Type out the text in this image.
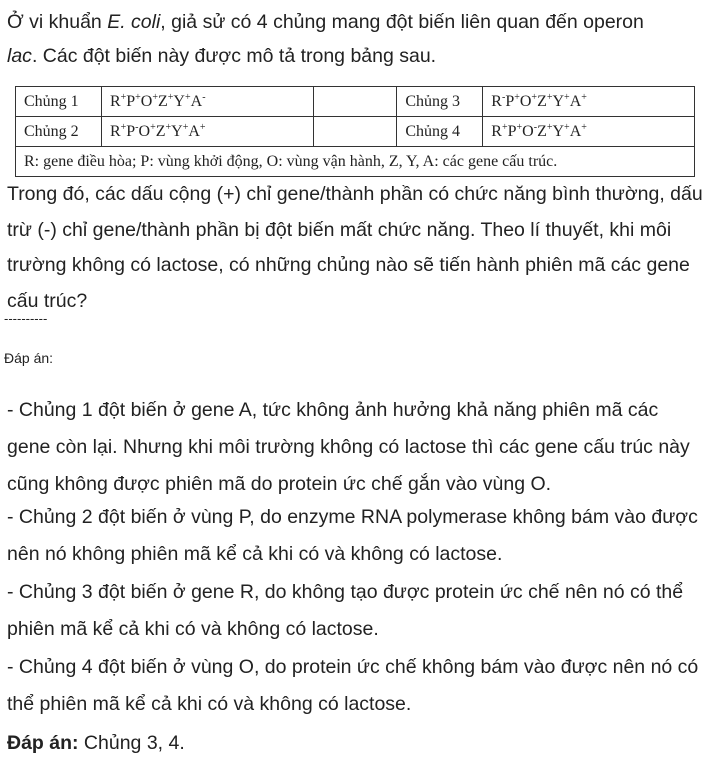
Ở vi khuẩn E. coli, giả sử có 4 chủng mang đột biến liên quan đến operon
lac. Các đột biến này được mô tả trong bảng sau.
Chủng 1	R+P+O+Z+Y+A-		Chủng 3	R-P+O+Z+Y+A+
Chủng 2	R+P-O+Z+Y+A+		Chủng 4	R+P+O-Z+Y+A+
R: gene điều hòa; P: vùng khởi động, O: vùng vận hành, Z, Y, A: các gene cấu trúc.				
Trong đó, các dấu cộng (+) chỉ gene/thành phần có chức năng bình thường, dấu trừ (-) chỉ gene/thành phần bị đột biến mất chức năng. Theo lí thuyết, khi môi trường không có lactose, có những chủng nào sẽ tiến hành phiên mã các gene cấu trúc?
----------
Đáp án:
- Chủng 1 đột biến ở gene A, tức không ảnh hưởng khả năng phiên mã các gene còn lại. Nhưng khi môi trường không có lactose thì các gene cấu trúc này cũng không được phiên mã do protein ức chế gắn vào vùng O.
- Chủng 2 đột biến ở vùng P, do enzyme RNA polymerase không bám vào được nên nó không phiên mã kể cả khi có và không có lactose.
- Chủng 3 đột biến ở gene R, do không tạo được protein ức chế nên nó có thể phiên mã kể cả khi có và không có lactose.
- Chủng 4 đột biến ở vùng O, do protein ức chế không bám vào được nên nó có thể phiên mã kể cả khi có và không có lactose.
Đáp án: Chủng 3, 4.
